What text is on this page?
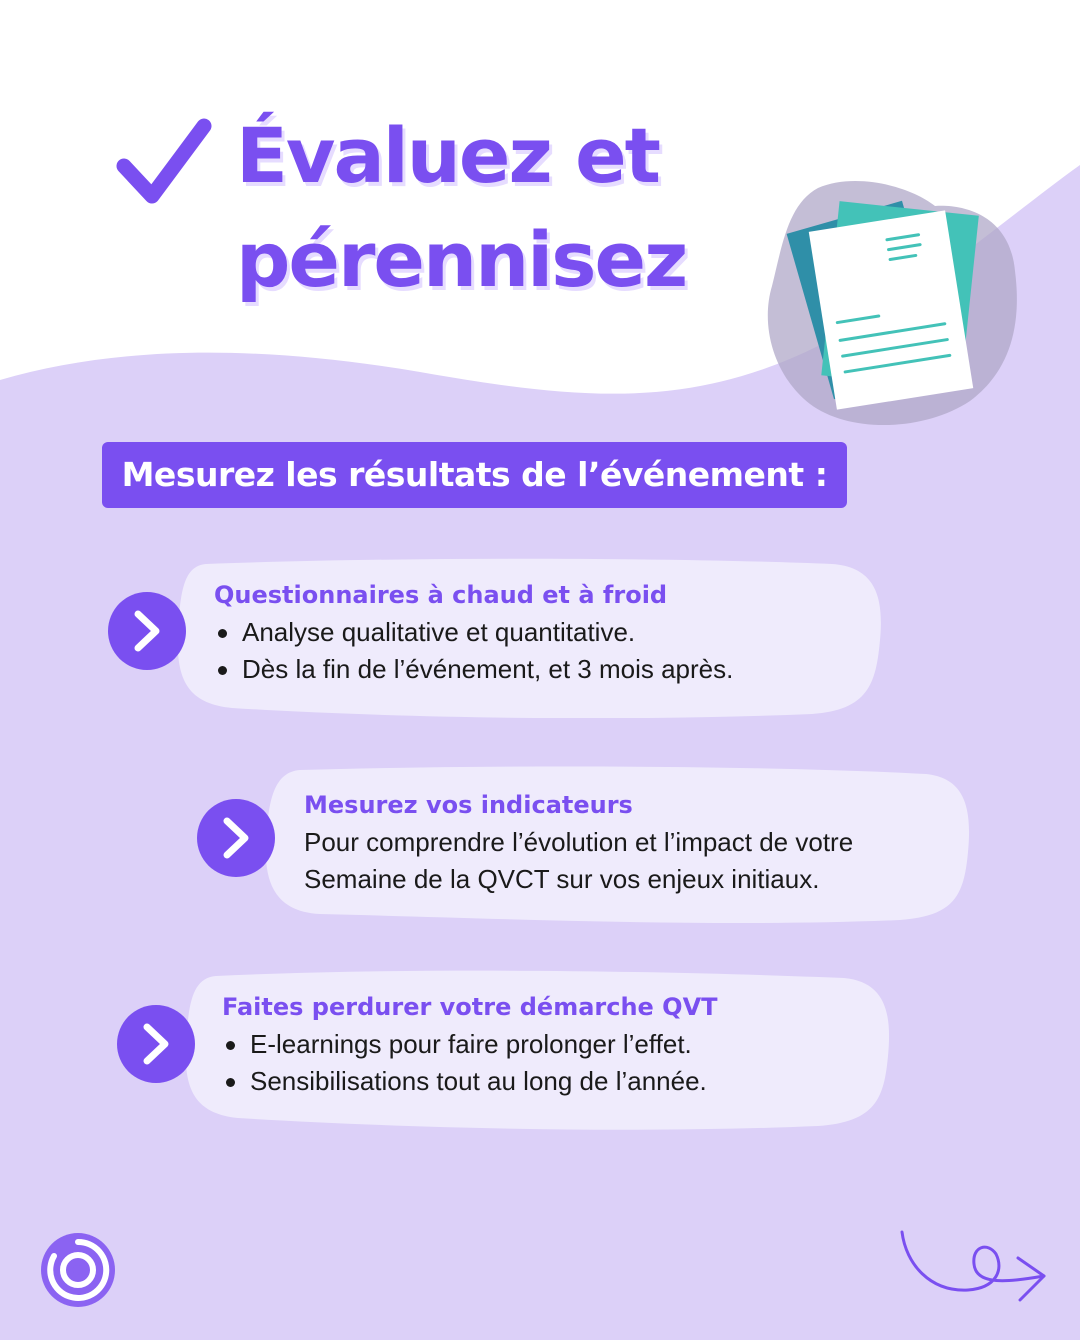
Évaluez et
pérennisez
Mesurez les résultats de l’événement :
Questionnaires à chaud et à froid
Analyse qualitative et quantitative.
Dès la fin de l’événement, et 3 mois après.
Mesurez vos indicateurs
Pour comprendre l’évolution et l’impact de votre
Semaine de la QVCT sur vos enjeux initiaux.
Faites perdurer votre démarche QVT
E-learnings pour faire prolonger l’effet.
Sensibilisations tout au long de l’année.
